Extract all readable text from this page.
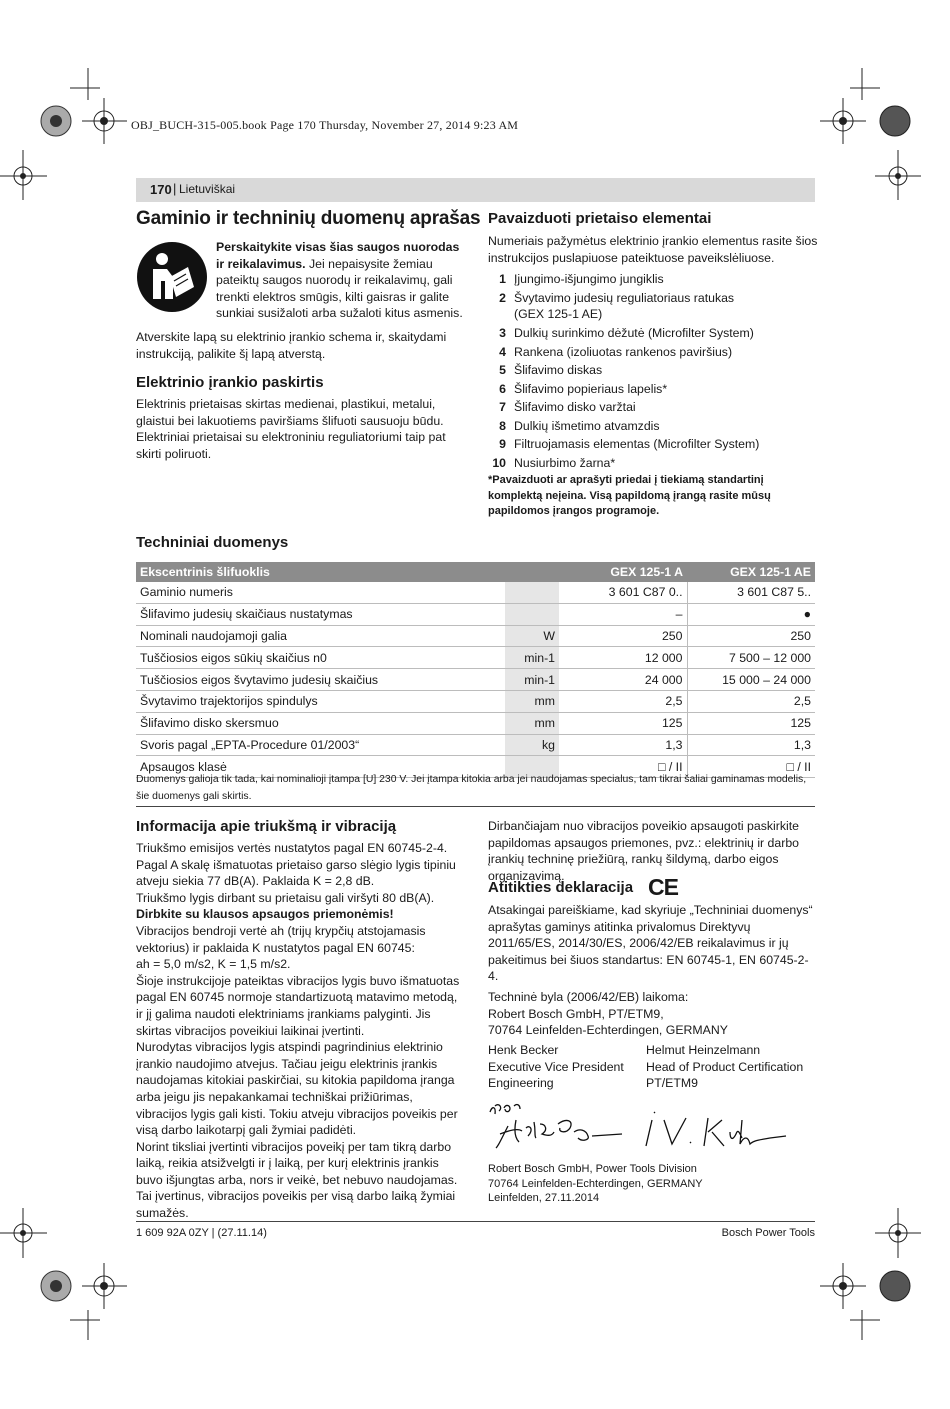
OBJ_BUCH-315-005.book Page 170 Thursday, November 27, 2014 9:23 AM
170 | Lietuviškai
Gaminio ir techninių duomenų aprašas
Perskaitykite visas šias saugos nuorodas ir reikalavimus. Jei nepaisysite žemiau pateiktų saugos nuorodų ir reikalavimų, gali trenkti elektros smūgis, kilti gaisras ir galite sunkiai susižaloti arba sužaloti kitus asmenis.
Atverskite lapą su elektrinio įrankio schema ir, skaitydami instrukciją, palikite šį lapą atverstą.
Elektrinio įrankio paskirtis
Elektrinis prietaisas skirtas medienai, plastikui, metalui, glaistui bei lakuotiems paviršiams šlifuoti sausuoju būdu. Elektriniai prietaisai su elektroniniu reguliatoriumi taip pat skirti poliruoti.
Pavaizduoti prietaiso elementai
Numeriais pažymėtus elektrinio įrankio elementus rasite šios instrukcijos puslapiuose pateiktuose paveikslėliuose.
1 Įjungimo-išjungimo jungiklis
2 Švytavimo judesių reguliatoriaus ratukas
(GEX 125-1 AE)
3 Dulkių surinkimo dėžutė (Microfilter System)
4 Rankena (izoliuotas rankenos paviršius)
5 Šlifavimo diskas
6 Šlifavimo popieriaus lapelis*
7 Šlifavimo disko varžtai
8 Dulkių išmetimo atvamzdis
9 Filtruojamasis elementas (Microfilter System)
10 Nusiurbimo žarna*
*Pavaizduoti ar aprašyti priedai į tiekiamą standartinį komplektą neįeina. Visą papildomą įrangą rasite mūsų papildomos įrangos programoje.
Techniniai duomenys
Ekscentrinis šlifuoklis		GEX 125-1 A	GEX 125-1 AE
Gaminio numeris		3 601 C87 0..	3 601 C87 5..
Šlifavimo judesių skaičiaus nustatymas		–	●
Nominali naudojamoji galia	W	250	250
Tuščiosios eigos sūkių skaičius n0	min-1	12 000	7 500 – 12 000
Tuščiosios eigos švytavimo judesių skaičius	min-1	24 000	15 000 – 24 000
Švytavimo trajektorijos spindulys	mm	2,5	2,5
Šlifavimo disko skersmuo	mm	125	125
Svoris pagal „EPTA-Procedure 01/2003“	kg	1,3	1,3
Apsaugos klasė		□ / II	□ / II
Duomenys galioja tik tada, kai nominalioji įtampa [U] 230 V. Jei įtampa kitokia arba jei naudojamas specialus, tam tikrai šaliai gaminamas modelis, šie duomenys gali skirtis.
Informacija apie triukšmą ir vibraciją
Triukšmo emisijos vertės nustatytos pagal EN 60745-2-4.
Pagal A skalę išmatuotas prietaiso garso slėgio lygis tipiniu atveju siekia 77 dB(A). Paklaida K = 2,8 dB.
Triukšmo lygis dirbant su prietaisu gali viršyti 80 dB(A).
Dirbkite su klausos apsaugos priemonėmis!
Vibracijos bendroji vertė ah (trijų krypčių atstojamasis vektorius) ir paklaida K nustatytos pagal EN 60745:
ah = 5,0 m/s2, K = 1,5 m/s2.
Šioje instrukcijoje pateiktas vibracijos lygis buvo išmatuotas pagal EN 60745 normoje standartizuotą matavimo metodą, ir jį galima naudoti elektriniams įrankiams palyginti. Jis skirtas vibracijos poveikiui laikinai įvertinti.
Nurodytas vibracijos lygis atspindi pagrindinius elektrinio įrankio naudojimo atvejus. Tačiau jeigu elektrinis įrankis naudojamas kitokiai paskirčiai, su kitokia papildoma įranga arba jeigu jis nepakankamai techniškai prižiūrimas, vibracijos lygis gali kisti. Tokiu atveju vibracijos poveikis per visą darbo laikotarpį gali žymiai padidėti.
Norint tiksliai įvertinti vibracijos poveikį per tam tikrą darbo laiką, reikia atsižvelgti ir į laiką, per kurį elektrinis įrankis buvo išjungtas arba, nors ir veikė, bet nebuvo naudojamas. Tai įvertinus, vibracijos poveikis per visą darbo laiką žymiai sumažės.
Dirbančiajam nuo vibracijos poveikio apsaugoti paskirkite papildomas apsaugos priemones, pvz.: elektrinių ir darbo įrankių techninę priežiūrą, rankų šildymą, darbo eigos organizavimą.
Atitikties deklaracija CE
Atsakingai pareiškiame, kad skyriuje „Techniniai duomenys“ aprašytas gaminys atitinka privalomus Direktyvų 2011/65/ES, 2014/30/ES, 2006/42/EB reikalavimus ir jų pakeitimus bei šiuos standartus: EN 60745-1, EN 60745-2-4.
Techninė byla (2006/42/EB) laikoma:
Robert Bosch GmbH, PT/ETM9,
70764 Leinfelden-Echterdingen, GERMANY
Henk Becker
Executive Vice President
Engineering
Helmut Heinzelmann
Head of Product Certification
PT/ETM9
Robert Bosch GmbH, Power Tools Division
70764 Leinfelden-Echterdingen, GERMANY
Leinfelden, 27.11.2014
1 609 92A 0ZY | (27.11.14)	Bosch Power Tools
